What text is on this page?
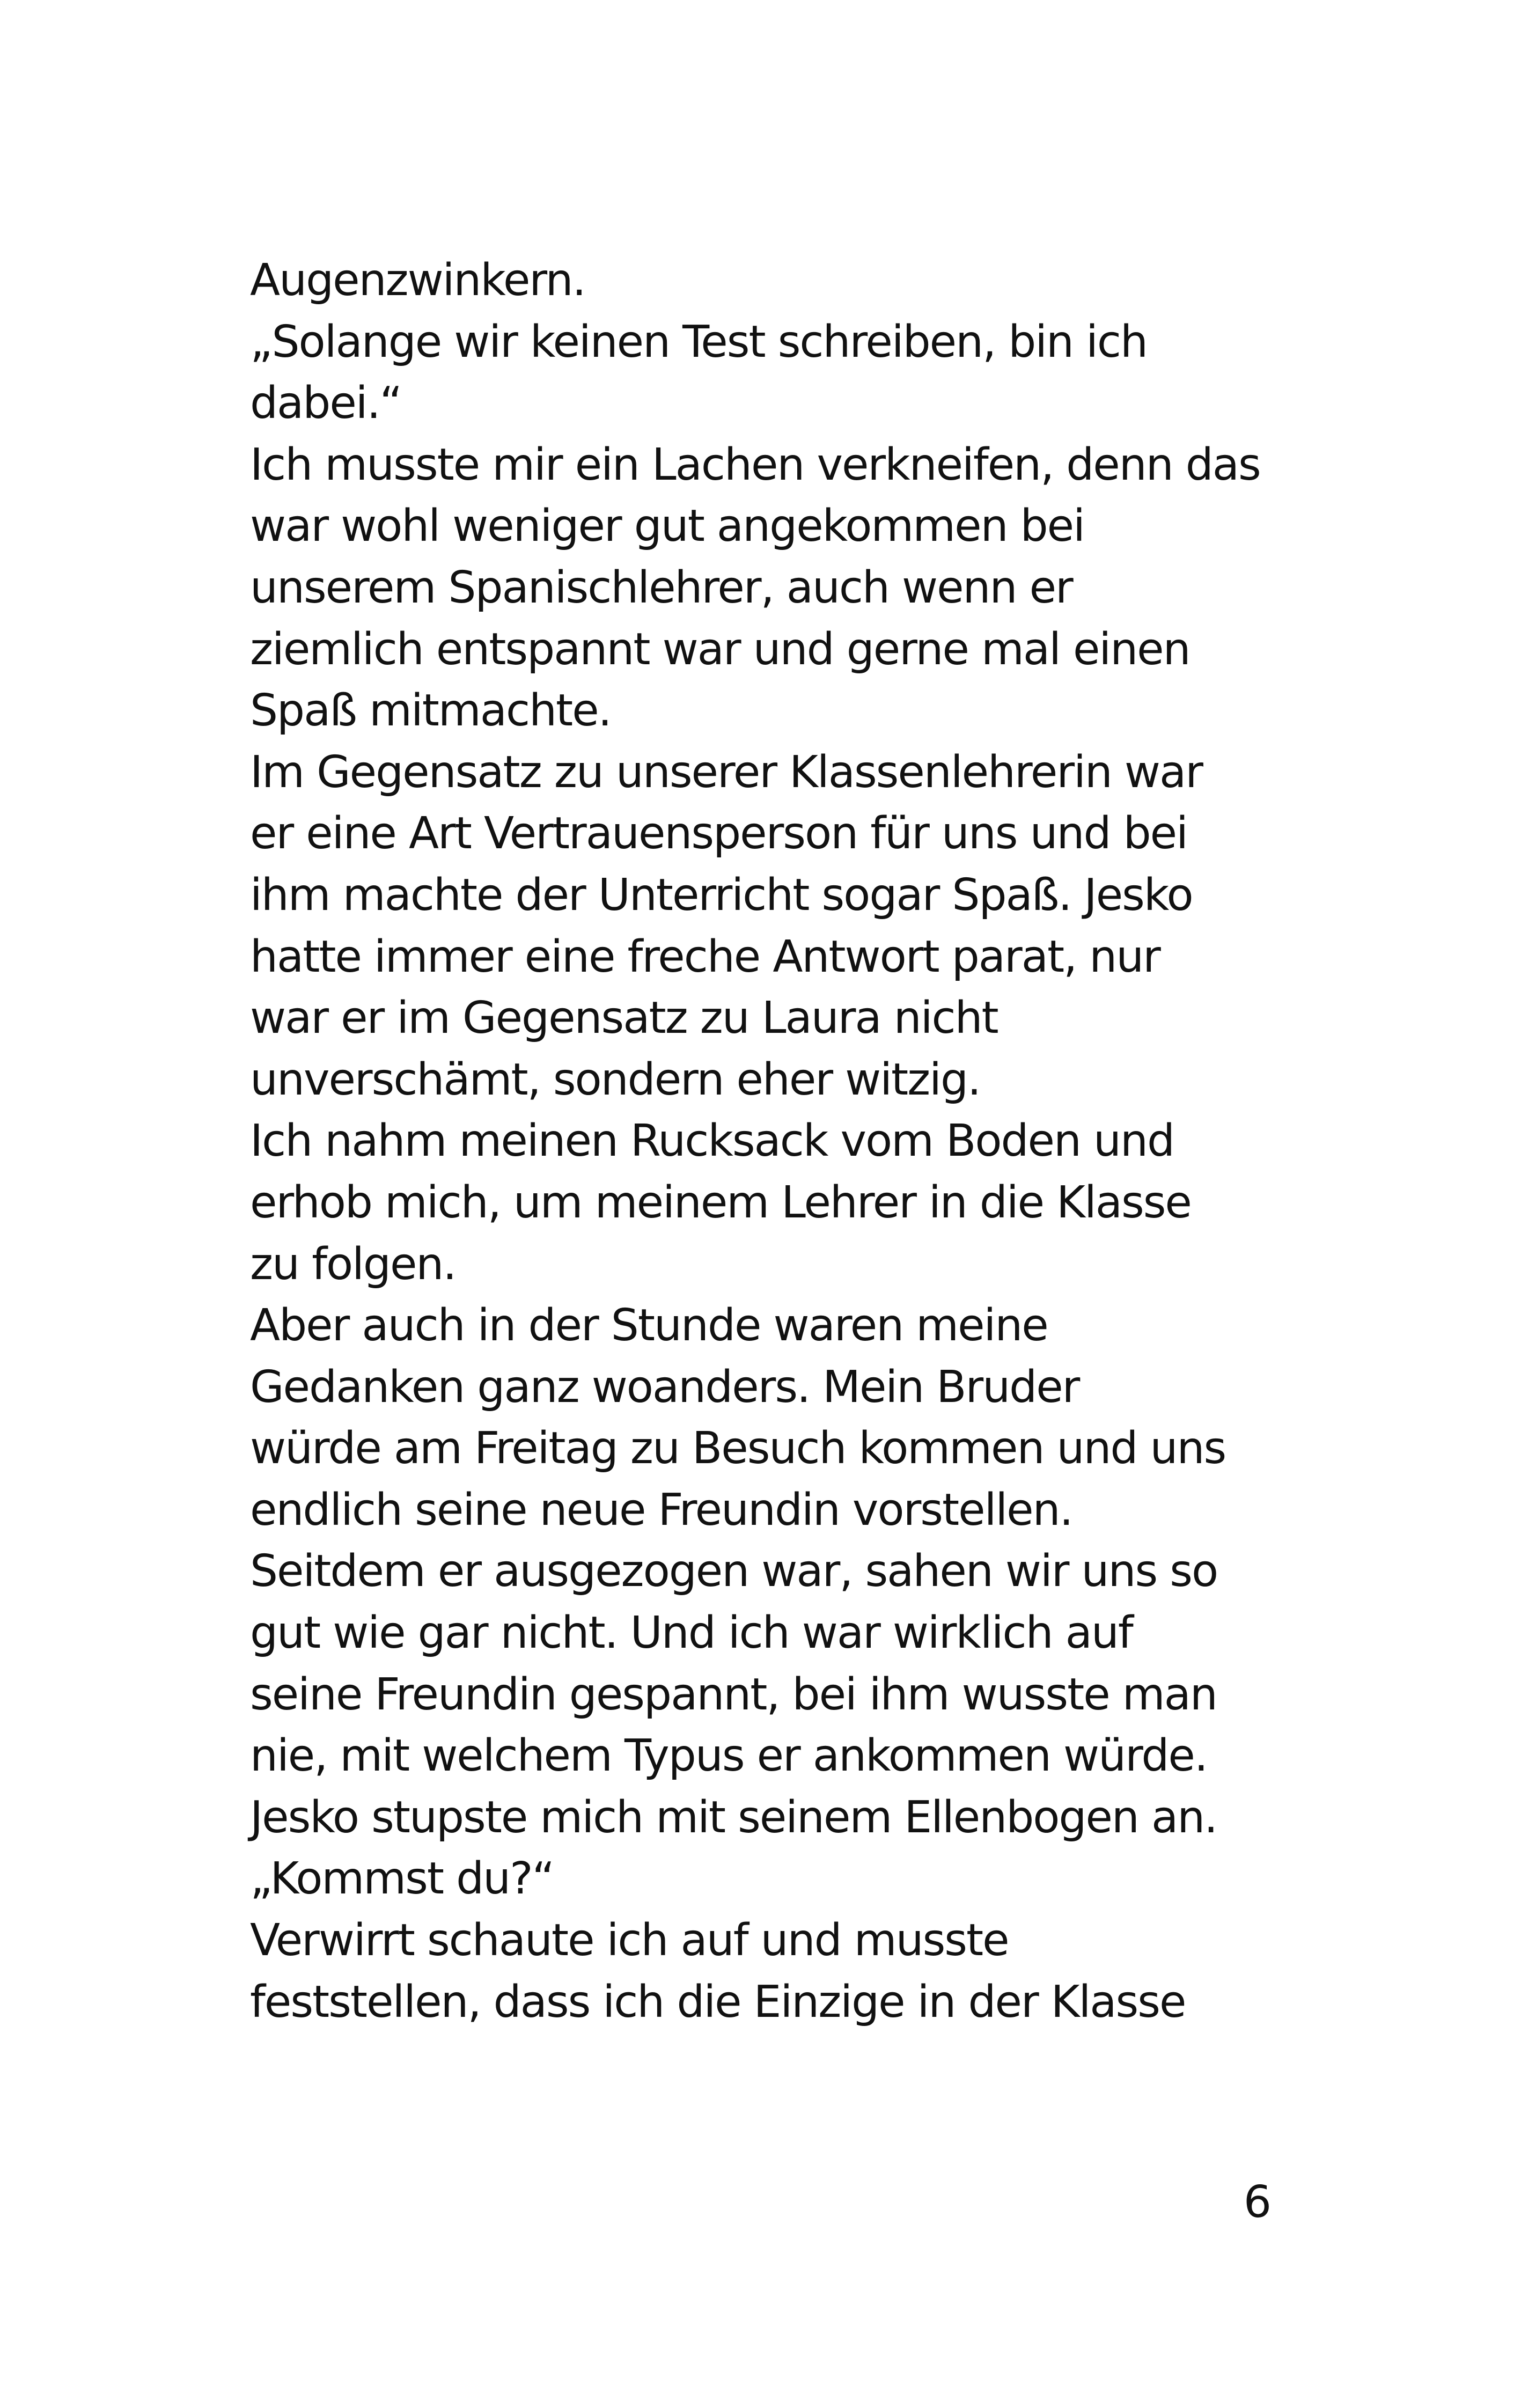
Augenzwinkern.
„Solange wir keinen Test schreiben, bin ich
dabei.“
Ich musste mir ein Lachen verkneifen, denn das
war wohl weniger gut angekommen bei
unserem Spanischlehrer, auch wenn er
ziemlich entspannt war und gerne mal einen
Spaß mitmachte.
Im Gegensatz zu unserer Klassenlehrerin war
er eine Art Vertrauensperson für uns und bei
ihm machte der Unterricht sogar Spaß. Jesko
hatte immer eine freche Antwort parat, nur
war er im Gegensatz zu Laura nicht
unverschämt, sondern eher witzig.
Ich nahm meinen Rucksack vom Boden und
erhob mich, um meinem Lehrer in die Klasse
zu folgen.
Aber auch in der Stunde waren meine
Gedanken ganz woanders. Mein Bruder
würde am Freitag zu Besuch kommen und uns
endlich seine neue Freundin vorstellen.
Seitdem er ausgezogen war, sahen wir uns so
gut wie gar nicht. Und ich war wirklich auf
seine Freundin gespannt, bei ihm wusste man
nie, mit welchem Typus er ankommen würde.
Jesko stupste mich mit seinem Ellenbogen an.
„Kommst du?“
Verwirrt schaute ich auf und musste
feststellen, dass ich die Einzige in der Klasse
6
